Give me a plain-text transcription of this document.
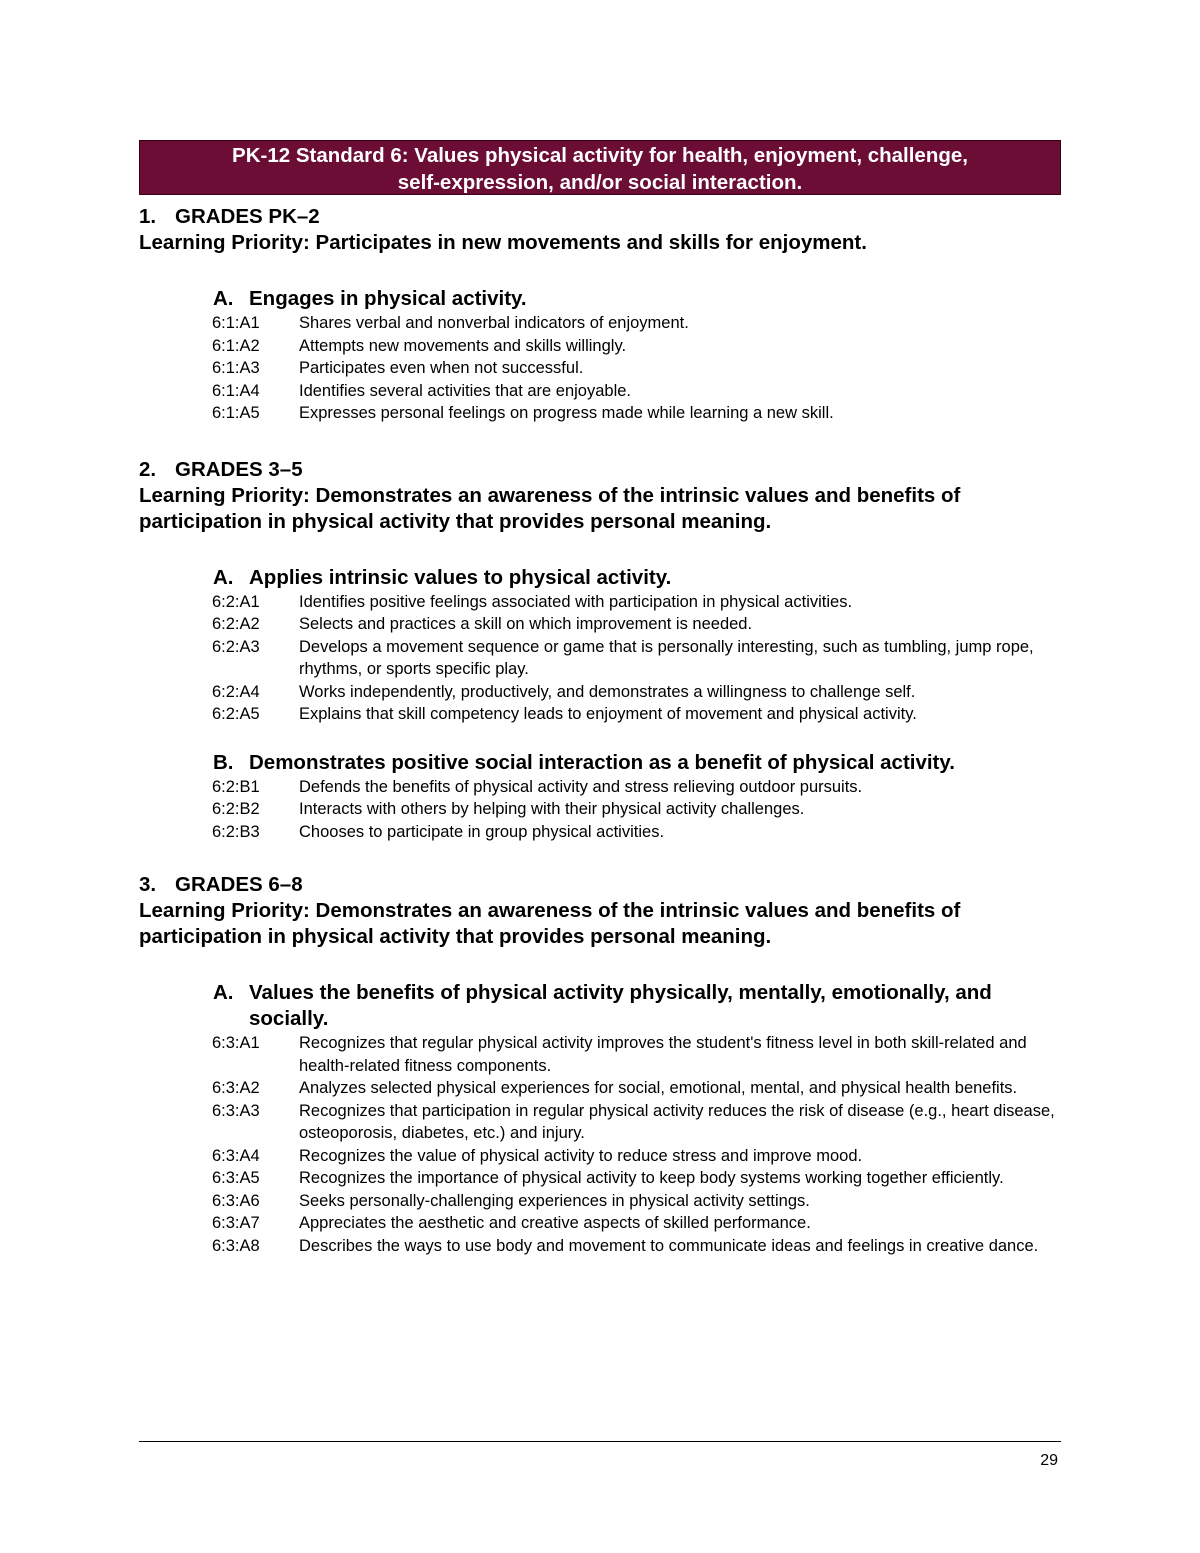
PK-12 Standard 6: Values physical activity for health, enjoyment, challenge,
self-expression, and/or social interaction.
1. GRADES PK–2
Learning Priority: Participates in new movements and skills for enjoyment.
A. Engages in physical activity.
6:1:A1	Shares verbal and nonverbal indicators of enjoyment.
6:1:A2	Attempts new movements and skills willingly.
6:1:A3	Participates even when not successful.
6:1:A4	Identifies several activities that are enjoyable.
6:1:A5	Expresses personal feelings on progress made while learning a new skill.
2. GRADES 3–5
Learning Priority: Demonstrates an awareness of the intrinsic values and benefits of participation in physical activity that provides personal meaning.
A. Applies intrinsic values to physical activity.
6:2:A1	Identifies positive feelings associated with participation in physical activities.
6:2:A2	Selects and practices a skill on which improvement is needed.
6:2:A3	Develops a movement sequence or game that is personally interesting, such as tumbling, jump rope, rhythms, or sports specific play.
6:2:A4	Works independently, productively, and demonstrates a willingness to challenge self.
6:2:A5	Explains that skill competency leads to enjoyment of movement and physical activity.
B. Demonstrates positive social interaction as a benefit of physical activity.
6:2:B1	Defends the benefits of physical activity and stress relieving outdoor pursuits.
6:2:B2	Interacts with others by helping with their physical activity challenges.
6:2:B3	Chooses to participate in group physical activities.
3. GRADES 6–8
Learning Priority: Demonstrates an awareness of the intrinsic values and benefits of participation in physical activity that provides personal meaning.
A. Values the benefits of physical activity physically, mentally, emotionally, and socially.
6:3:A1	Recognizes that regular physical activity improves the student's fitness level in both skill-related and health-related fitness components.
6:3:A2	Analyzes selected physical experiences for social, emotional, mental, and physical health benefits.
6:3:A3	Recognizes that participation in regular physical activity reduces the risk of disease (e.g., heart disease, osteoporosis, diabetes, etc.) and injury.
6:3:A4	Recognizes the value of physical activity to reduce stress and improve mood.
6:3:A5	Recognizes the importance of physical activity to keep body systems working together efficiently.
6:3:A6	Seeks personally-challenging experiences in physical activity settings.
6:3:A7	Appreciates the aesthetic and creative aspects of skilled performance.
6:3:A8	Describes the ways to use body and movement to communicate ideas and feelings in creative dance.
29
